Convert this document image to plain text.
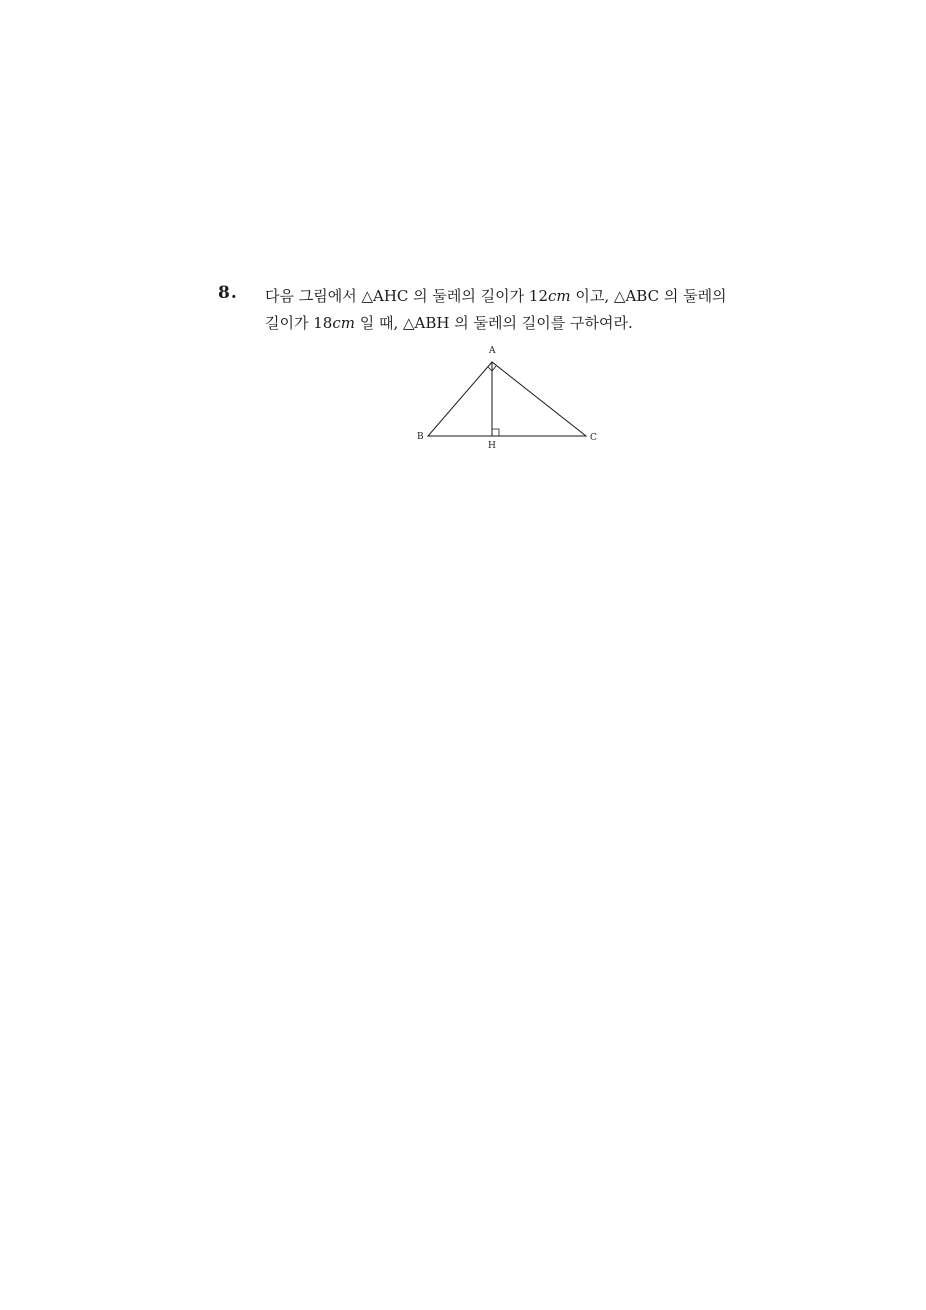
8. 다음 그림에서 △AHC 의 둘레의 길이가 12cm 이고, △ABC 의 둘레의
길이가 18cm 일 때, △ABH 의 둘레의 길이를 구하여라.
A
B	C
H
